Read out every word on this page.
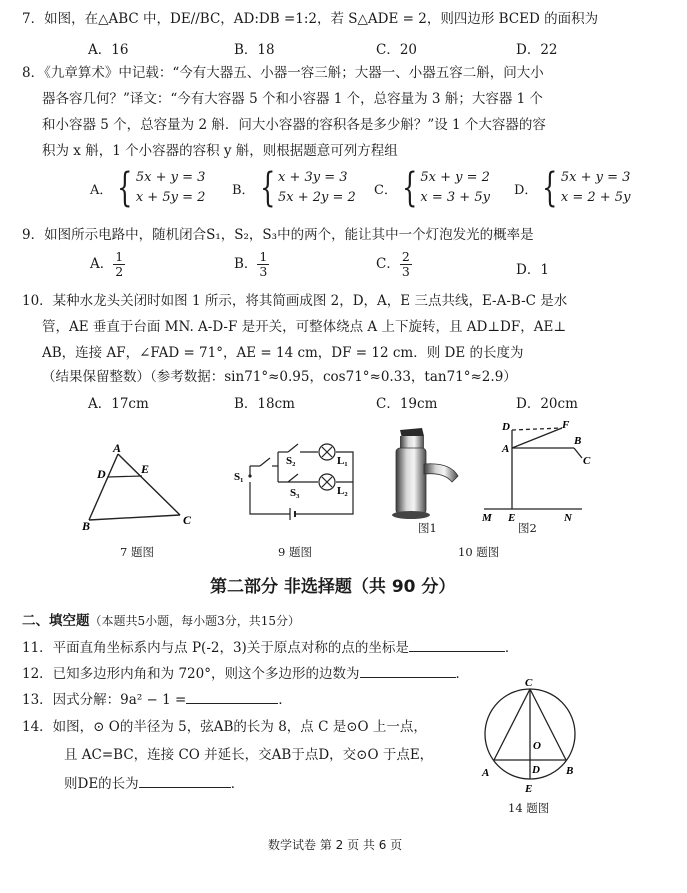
7．如图，在△ABC 中，DE//BC，AD:DB =1:2，若 S△ADE = 2，则四边形 BCED 的面积为
A．16	B．18	C．20	D．22
8．《九章算术》中记载：“今有大器五、小器一容三斛；大器一、小器五容二斛，问大小
器各容几何？”译文：“今有大容器 5 个和小容器 1 个，总容量为 3 斛；大容器 1 个
和小容器 5 个，总容量为 2 斛．问大小容器的容积各是多少斛？”设 1 个大容器的容
积为 x 斛，1 个小容器的容积 y 斛，则根据题意可列方程组
A． { 5x + y = 3
x + 5y = 2 B． { x + 3y = 3
5x + 2y = 2 C． { 5x + y = 2
x = 3 + 5y D． { 5x + y = 3
x = 2 + 5y
9．如图所示电路中，随机闭合S₁，S₂，S₃中的两个，能让其中一个灯泡发光的概率是
A． $\frac{1}{2}$	B． $\frac{1}{3}$	C． $\frac{2}{3}$	D．1
10．某种水龙头关闭时如图 1 所示，将其简画成图 2，D，A，E 三点共线，E-A-B-C 是水
管，AE 垂直于台面 MN. A-D-F 是开关，可整体绕点 A 上下旋转，且 AD⊥DF，AE⊥
AB，连接 AF，∠FAD = 71°，AE = 14 cm，DF = 12 cm．则 DE 的长度为
（结果保留整数）（参考数据：sin71°≈0.95，cos71°≈0.33，tan71°≈2.9）
A．17cm	B．18cm	C．19cm	D．20cm
A
D	E
B	C
7 题图
S₁
S₂
S₃
L₁
L₂
9 题图
图1
D	F
A
B
C
M E	N
图2
10 题图
第二部分 非选择题（共 90 分）
二、填空题（本题共5小题，每小题3分，共15分）
11．平面直角坐标系内与点 P(-2，3)关于原点对称的点的坐标是	．
12．已知多边形内角和为 720°，则这个多边形的边数为	．
13．因式分解：9a² − 1 =	．
14．如图，⊙ O的半径为 5，弦AB的长为 8，点 C 是⊙O 上一点，
且 AC=BC，连接 CO 并延长，交AB于点D，交⊙O 于点E，
则DE的长为	．
C
O
A	D B
E
14 题图
数学试卷 第 2 页 共 6 页
